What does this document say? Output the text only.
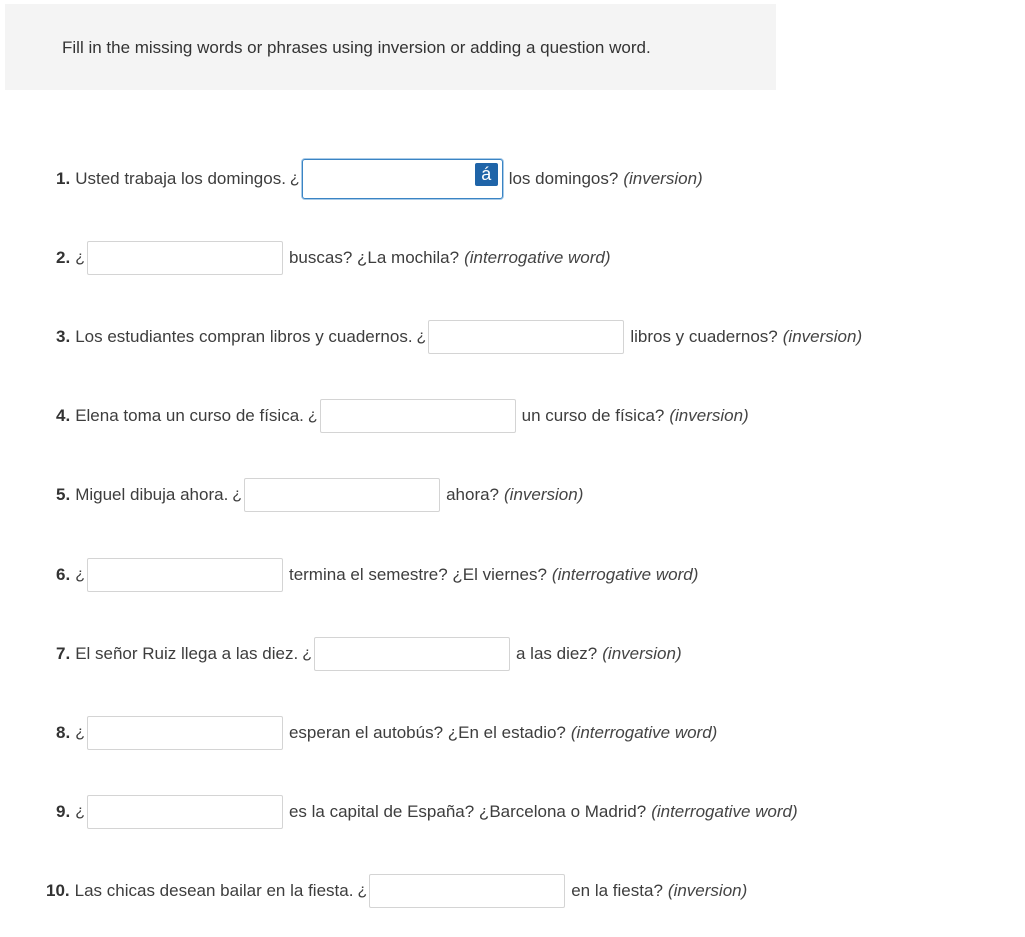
Fill in the missing words or phrases using inversion or adding a question word.
1. Usted trabaja los domingos. ¿	á	los domingos? (inversion)
2. ¿	buscas? ¿La mochila? (interrogative word)
3. Los estudiantes compran libros y cuadernos. ¿	libros y cuadernos? (inversion)
4. Elena toma un curso de física. ¿	un curso de física? (inversion)
5. Miguel dibuja ahora. ¿	ahora? (inversion)
6. ¿	termina el semestre? ¿El viernes? (interrogative word)
7. El señor Ruiz llega a las diez. ¿	a las diez? (inversion)
8. ¿	esperan el autobús? ¿En el estadio? (interrogative word)
9. ¿	es la capital de España? ¿Barcelona o Madrid? (interrogative word)
10. Las chicas desean bailar en la fiesta. ¿	en la fiesta? (inversion)
